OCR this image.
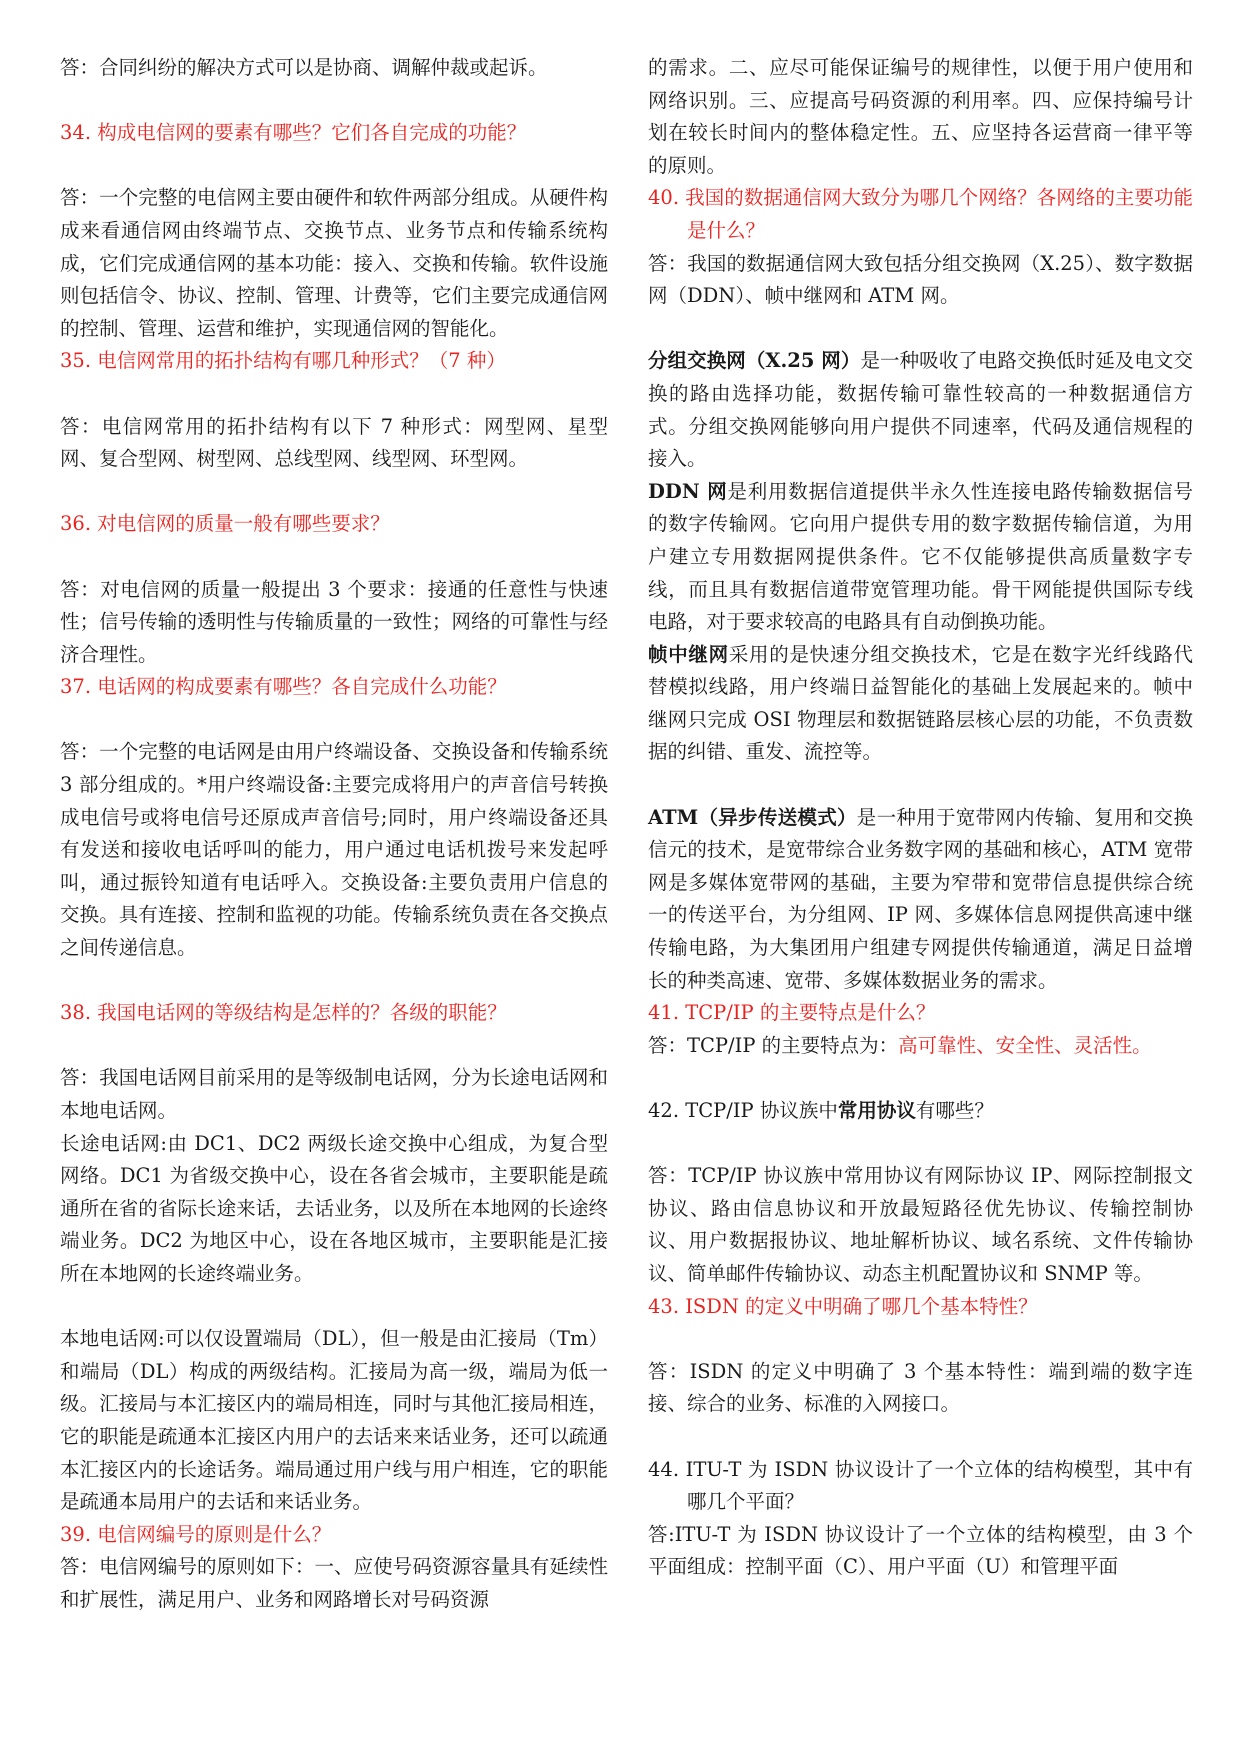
答：合同纠纷的解决方式可以是协商、调解仲裁或起诉。

34. 构成电信网的要素有哪些？它们各自完成的功能？

答：一个完整的电信网主要由硬件和软件两部分组成。从硬件构成来看通信网由终端节点、交换节点、业务节点和传输系统构成，它们完成通信网的基本功能：接入、交换和传输。软件设施则包括信令、协议、控制、管理、计费等，它们主要完成通信网的控制、管理、运营和维护，实现通信网的智能化。

35. 电信网常用的拓扑结构有哪几种形式？（7 种）

答：电信网常用的拓扑结构有以下 7 种形式：网型网、星型网、复合型网、树型网、总线型网、线型网、环型网。

36. 对电信网的质量一般有哪些要求？

答：对电信网的质量一般提出 3 个要求：接通的任意性与快速性；信号传输的透明性与传输质量的一致性；网络的可靠性与经济合理性。

37. 电话网的构成要素有哪些？各自完成什么功能？

答：一个完整的电话网是由用户终端设备、交换设备和传输系统 3 部分组成的。*用户终端设备:主要完成将用户的声音信号转换成电信号或将电信号还原成声音信号;同时，用户终端设备还具有发送和接收电话呼叫的能力，用户通过电话机拨号来发起呼叫，通过振铃知道有电话呼入。交换设备:主要负责用户信息的交换。具有连接、控制和监视的功能。传输系统负责在各交换点之间传递信息。

38. 我国电话网的等级结构是怎样的？各级的职能？

答：我国电话网目前采用的是等级制电话网，分为长途电话网和本地电话网。

长途电话网:由 DC1、DC2 两级长途交换中心组成，为复合型网络。DC1 为省级交换中心，设在各省会城市，主要职能是疏通所在省的省际长途来话，去话业务，以及所在本地网的长途终端业务。DC2 为地区中心，设在各地区城市，主要职能是汇接所在本地网的长途终端业务。

本地电话网:可以仅设置端局（DL），但一般是由汇接局（Tm）和端局（DL）构成的两级结构。汇接局为高一级，端局为低一级。汇接局与本汇接区内的端局相连，同时与其他汇接局相连，它的职能是疏通本汇接区内用户的去话来来话业务，还可以疏通本汇接区内的长途话务。端局通过用户线与用户相连，它的职能是疏通本局用户的去话和来话业务。

39. 电信网编号的原则是什么？

答：电信网编号的原则如下：一、应使号码资源容量具有延续性和扩展性，满足用户、业务和网路增长对号码资源

的需求。二、应尽可能保证编号的规律性，以便于用户使用和网络识别。三、应提高号码资源的利用率。四、应保持编号计划在较长时间内的整体稳定性。五、应坚持各运营商一律平等的原则。

40. 我国的数据通信网大致分为哪几个网络？各网络的主要功能是什么？

答：我国的数据通信网大致包括分组交换网（X.25）、数字数据网（DDN）、帧中继网和 ATM 网。

分组交换网（X.25 网）是一种吸收了电路交换低时延及电文交换的路由选择功能，数据传输可靠性较高的一种数据通信方式。分组交换网能够向用户提供不同速率，代码及通信规程的接入。

DDN 网是利用数据信道提供半永久性连接电路传输数据信号的数字传输网。它向用户提供专用的数字数据传输信道，为用户建立专用数据网提供条件。它不仅能够提供高质量数字专线，而且具有数据信道带宽管理功能。骨干网能提供国际专线电路，对于要求较高的电路具有自动倒换功能。

帧中继网采用的是快速分组交换技术，它是在数字光纤线路代替模拟线路，用户终端日益智能化的基础上发展起来的。帧中继网只完成 OSI 物理层和数据链路层核心层的功能，不负责数据的纠错、重发、流控等。

ATM（异步传送模式）是一种用于宽带网内传输、复用和交换信元的技术，是宽带综合业务数字网的基础和核心，ATM 宽带网是多媒体宽带网的基础，主要为窄带和宽带信息提供综合统一的传送平台，为分组网、IP 网、多媒体信息网提供高速中继传输电路，为大集团用户组建专网提供传输通道，满足日益增长的种类高速、宽带、多媒体数据业务的需求。

41. TCP/IP 的主要特点是什么？

答：TCP/IP 的主要特点为：高可靠性、安全性、灵活性。

42. TCP/IP 协议族中常用协议有哪些？

答：TCP/IP 协议族中常用协议有网际协议 IP、网际控制报文协议、路由信息协议和开放最短路径优先协议、传输控制协议、用户数据报协议、地址解析协议、域名系统、文件传输协议、简单邮件传输协议、动态主机配置协议和 SNMP 等。

43. ISDN 的定义中明确了哪几个基本特性？

答：ISDN 的定义中明确了 3 个基本特性：端到端的数字连接、综合的业务、标准的入网接口。

44. ITU-T 为 ISDN 协议设计了一个立体的结构模型，其中有哪几个平面？

答:ITU-T 为 ISDN 协议设计了一个立体的结构模型，由 3 个平面组成：控制平面（C）、用户平面（U）和管理平面
